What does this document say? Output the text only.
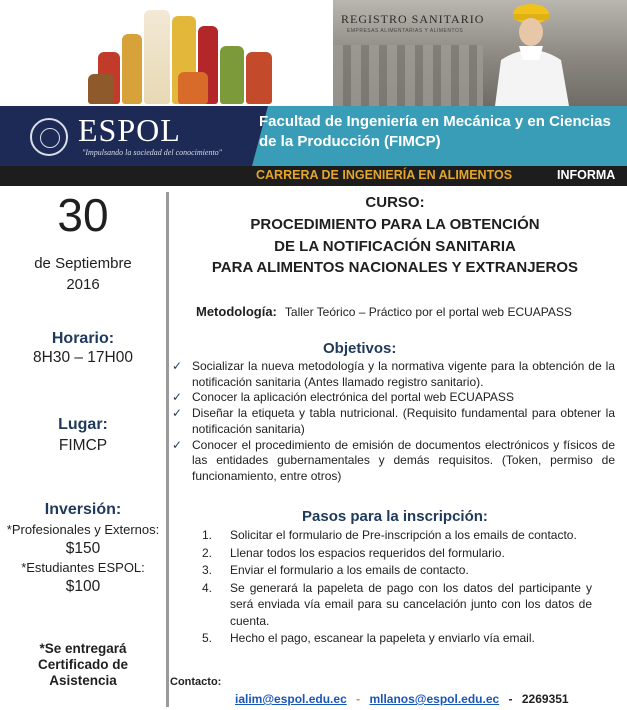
REGISTRO SANITARIO
EMPRESAS ALIMENTARIAS Y ALIMENTOS
ESPOL
"Impulsando la sociedad del conocimiento"
Facultad de Ingeniería en Mecánica y en Ciencias de la Producción (FIMCP)
CARRERA DE INGENIERÍA EN ALIMENTOS	INFORMA
30
de Septiembre
2016
Horario:
8H30 – 17H00
Lugar:
FIMCP
Inversión:
*Profesionales y Externos:
$150
*Estudiantes ESPOL:
$100
*Se entregará
Certificado de
Asistencia
CURSO:
PROCEDIMIENTO PARA LA OBTENCIÓN
DE LA NOTIFICACIÓN SANITARIA
PARA ALIMENTOS NACIONALES Y EXTRANJEROS
Metodología: Taller Teórico – Práctico por el portal web ECUAPASS
Objetivos:
✓ Socializar la nueva metodología y la normativa vigente para la obtención de la notificación sanitaria (Antes llamado registro sanitario).
✓ Conocer la aplicación electrónica del portal web ECUAPASS
✓ Diseñar la etiqueta y tabla nutricional. (Requisito fundamental para obtener la notificación sanitaria)
✓ Conocer el procedimiento de emisión de documentos electrónicos y físicos de las entidades gubernamentales y demás requisitos. (Token, permiso de funcionamiento, entre otros)
Pasos para la inscripción:
1. Solicitar el formulario de Pre-inscripción a los emails de contacto.
2. Llenar todos los espacios requeridos del formulario.
3. Enviar el formulario a los emails de contacto.
4. Se generará la papeleta de pago con los datos del participante y será enviada vía email para su cancelación junto con los datos de cuenta.
5. Hecho el pago, escanear la papeleta y enviarlo vía email.
Contacto:
ialim@espol.edu.ec - mllanos@espol.edu.ec - 2269351
